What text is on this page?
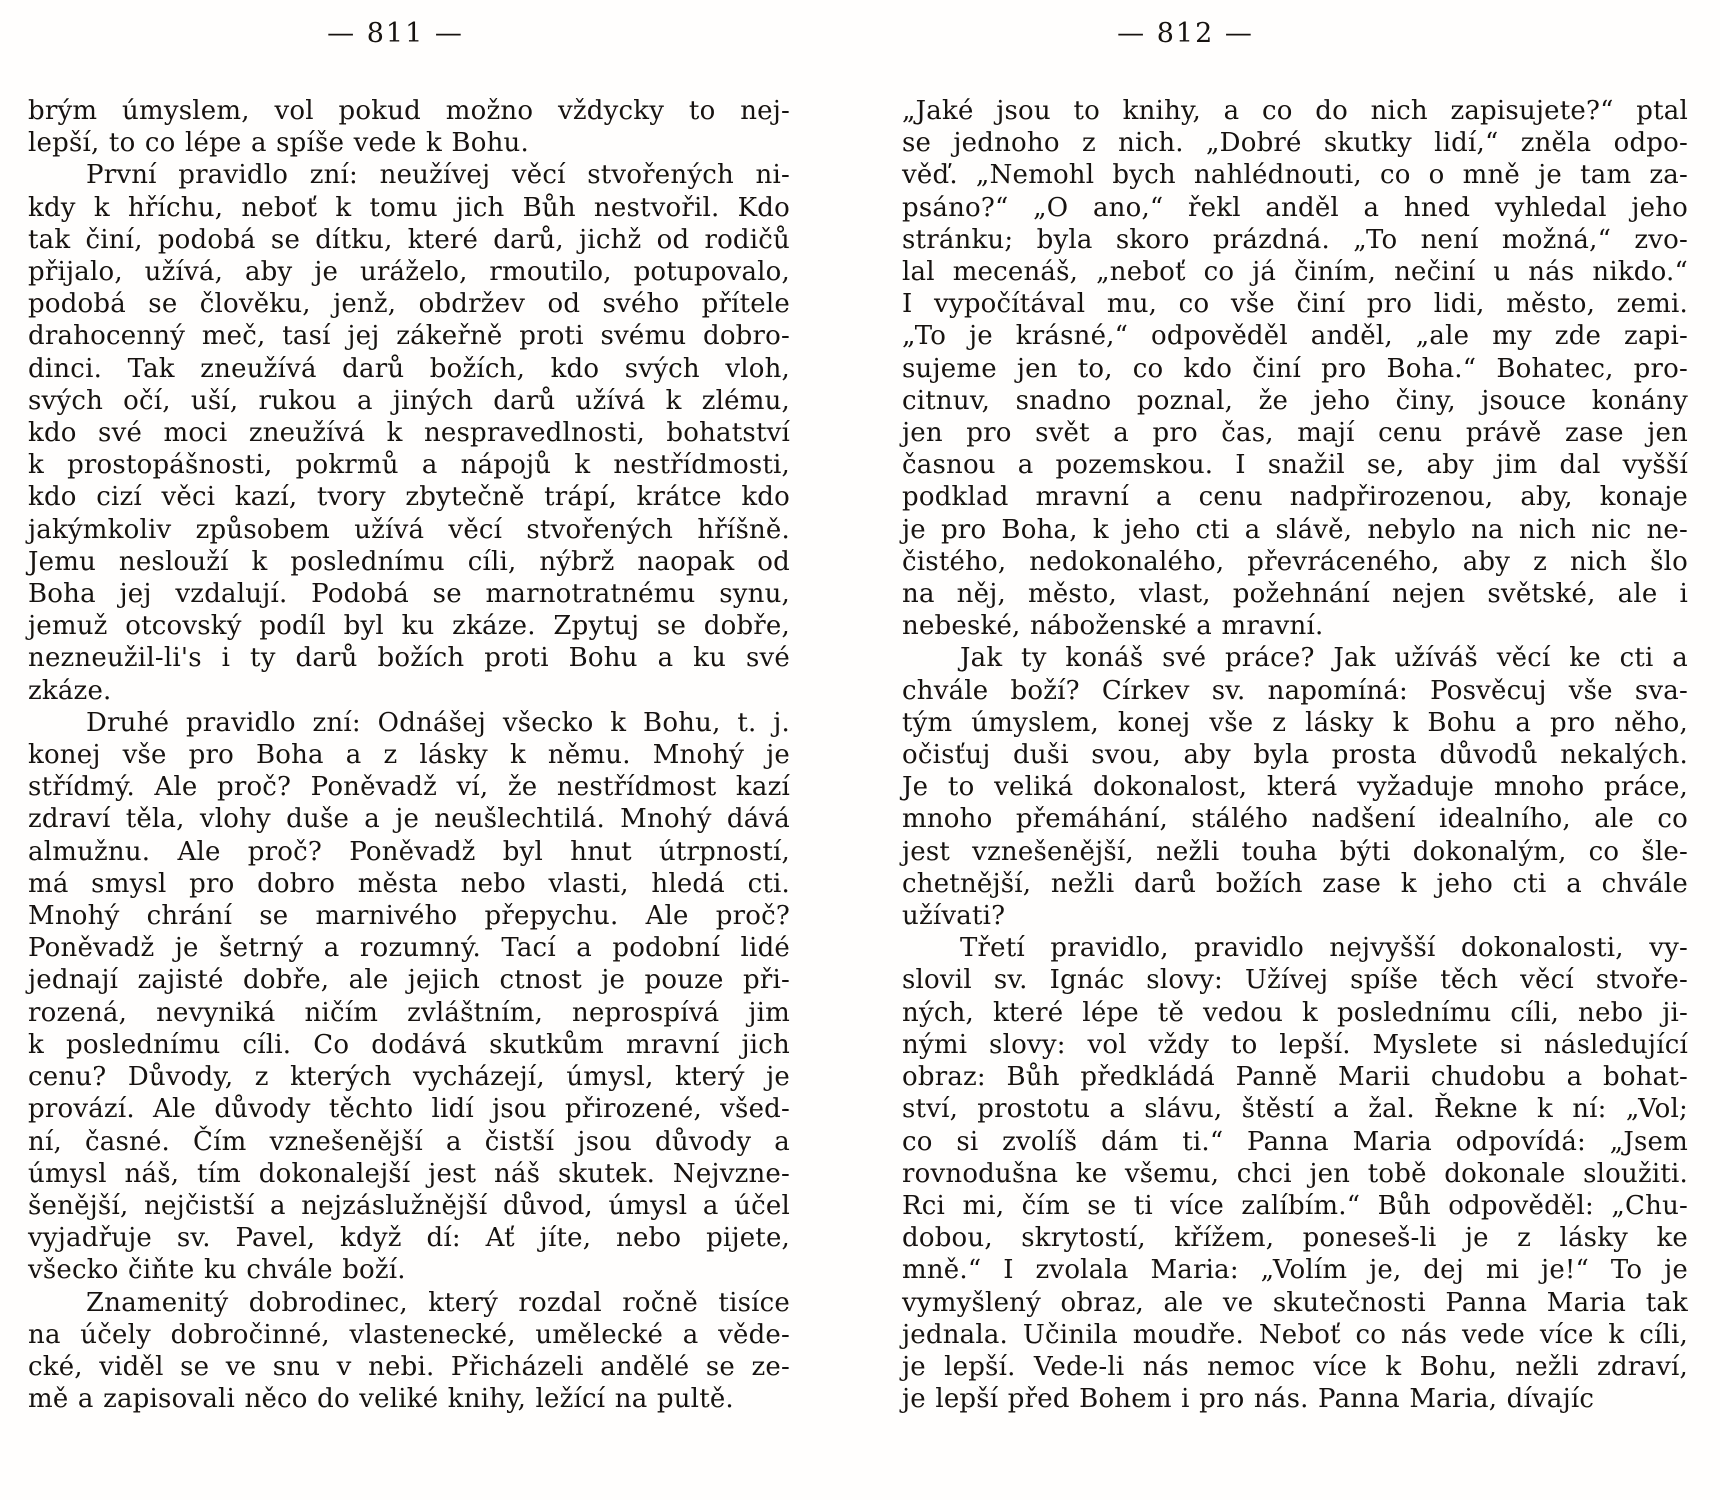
— 811 —	— 812 —
brým úmyslem, vol pokud možno vždycky to nej-
lepší, to co lépe a spíše vede k Bohu.
První pravidlo zní: neužívej věcí stvořených ni-
kdy k hříchu, neboť k tomu jich Bůh nestvořil. Kdo
tak činí, podobá se dítku, které darů, jichž od rodičů
přijalo, užívá, aby je uráželo, rmoutilo, potupovalo,
podobá se člověku, jenž, obdržev od svého přítele
drahocenný meč, tasí jej zákeřně proti svému dobro-
dinci. Tak zneužívá darů božích, kdo svých vloh,
svých očí, uší, rukou a jiných darů užívá k zlému,
kdo své moci zneužívá k nespravedlnosti, bohatství
k prostopášnosti, pokrmů a nápojů k nestřídmosti,
kdo cizí věci kazí, tvory zbytečně trápí, krátce kdo
jakýmkoliv způsobem užívá věcí stvořených hříšně.
Jemu neslouží k poslednímu cíli, nýbrž naopak od
Boha jej vzdalují. Podobá se marnotratnému synu,
jemuž otcovský podíl byl ku zkáze. Zpytuj se dobře,
nezneužil-li's i ty darů božích proti Bohu a ku své
zkáze.
Druhé pravidlo zní: Odnášej všecko k Bohu, t. j.
konej vše pro Boha a z lásky k němu. Mnohý je
střídmý. Ale proč? Poněvadž ví, že nestřídmost kazí
zdraví těla, vlohy duše a je neušlechtilá. Mnohý dává
almužnu. Ale proč? Poněvadž byl hnut útrpností,
má smysl pro dobro města nebo vlasti, hledá cti.
Mnohý chrání se marnivého přepychu. Ale proč?
Poněvadž je šetrný a rozumný. Tací a podobní lidé
jednají zajisté dobře, ale jejich ctnost je pouze při-
rozená, nevyniká ničím zvláštním, neprospívá jim
k poslednímu cíli. Co dodává skutkům mravní jich
cenu? Důvody, z kterých vycházejí, úmysl, který je
provází. Ale důvody těchto lidí jsou přirozené, všed-
ní, časné. Čím vznešenější a čistší jsou důvody a
úmysl náš, tím dokonalejší jest náš skutek. Nejvzne-
šenější, nejčistší a nejzáslužnější důvod, úmysl a účel
vyjadřuje sv. Pavel, když dí: Ať jíte, nebo pijete,
všecko čiňte ku chvále boží.
Znamenitý dobrodinec, který rozdal ročně tisíce
na účely dobročinné, vlastenecké, umělecké a věde-
cké, viděl se ve snu v nebi. Přicházeli andělé se ze-
mě a zapisovali něco do veliké knihy, ležící na pultě.
„Jaké jsou to knihy, a co do nich zapisujete?“ ptal
se jednoho z nich. „Dobré skutky lidí,“ zněla odpo-
věď. „Nemohl bych nahlédnouti, co o mně je tam za-
psáno?“ „O ano,“ řekl anděl a hned vyhledal jeho
stránku; byla skoro prázdná. „To není možná,“ zvo-
lal mecenáš, „neboť co já činím, nečiní u nás nikdo.“
I vypočítával mu, co vše činí pro lidi, město, zemi.
„To je krásné,“ odpověděl anděl, „ale my zde zapi-
sujeme jen to, co kdo činí pro Boha.“ Bohatec, pro-
citnuv, snadno poznal, že jeho činy, jsouce konány
jen pro svět a pro čas, mají cenu právě zase jen
časnou a pozemskou. I snažil se, aby jim dal vyšší
podklad mravní a cenu nadpřirozenou, aby, konaje
je pro Boha, k jeho cti a slávě, nebylo na nich nic ne-
čistého, nedokonalého, převráceného, aby z nich šlo
na něj, město, vlast, požehnání nejen světské, ale i
nebeské, náboženské a mravní.
Jak ty konáš své práce? Jak užíváš věcí ke cti a
chvále boží? Církev sv. napomíná: Posvěcuj vše sva-
tým úmyslem, konej vše z lásky k Bohu a pro něho,
očisťuj duši svou, aby byla prosta důvodů nekalých.
Je to veliká dokonalost, která vyžaduje mnoho práce,
mnoho přemáhání, stálého nadšení idealního, ale co
jest vznešenější, nežli touha býti dokonalým, co šle-
chetnější, nežli darů božích zase k jeho cti a chvále
užívati?
Třetí pravidlo, pravidlo nejvyšší dokonalosti, vy-
slovil sv. Ignác slovy: Užívej spíše těch věcí stvoře-
ných, které lépe tě vedou k poslednímu cíli, nebo ji-
nými slovy: vol vždy to lepší. Myslete si následující
obraz: Bůh předkládá Panně Marii chudobu a bohat-
ství, prostotu a slávu, štěstí a žal. Řekne k ní: „Vol;
co si zvolíš dám ti.“ Panna Maria odpovídá: „Jsem
rovnodušna ke všemu, chci jen tobě dokonale sloužiti.
Rci mi, čím se ti více zalíbím.“ Bůh odpověděl: „Chu-
dobou, skrytostí, křížem, poneseš-li je z lásky ke
mně.“ I zvolala Maria: „Volím je, dej mi je!“ To je
vymyšlený obraz, ale ve skutečnosti Panna Maria tak
jednala. Učinila moudře. Neboť co nás vede více k cíli,
je lepší. Vede-li nás nemoc více k Bohu, nežli zdraví,
je lepší před Bohem i pro nás. Panna Maria, dívajíc
